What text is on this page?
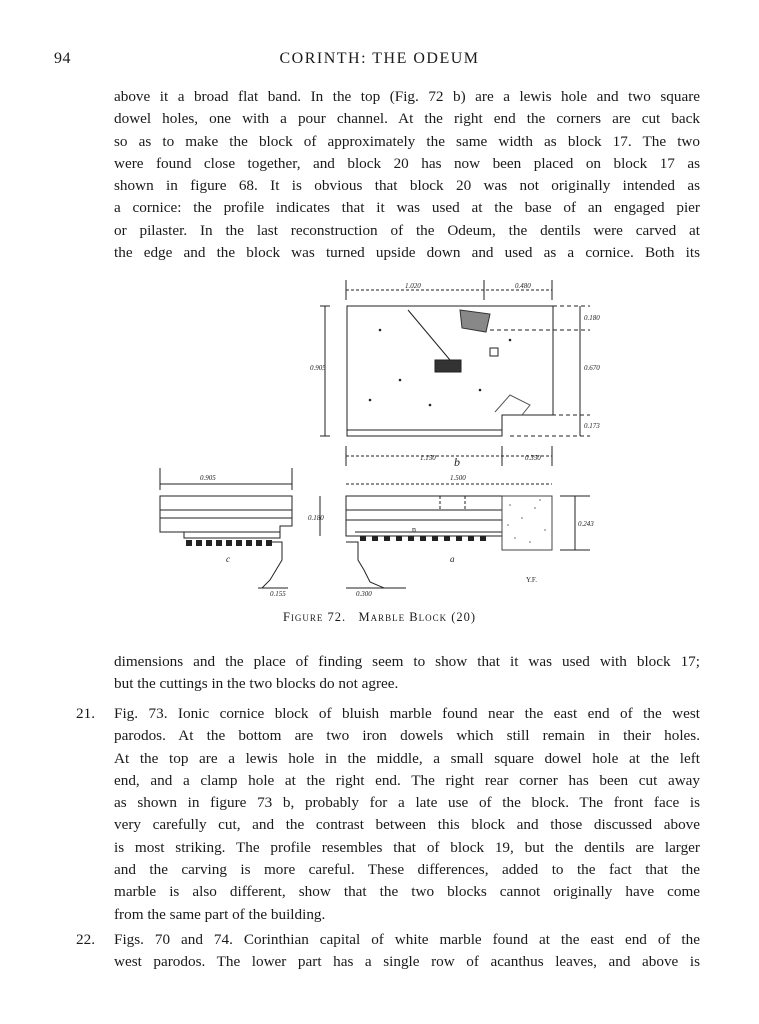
94	CORINTH: THE ODEUM
above it a broad flat band. In the top (Fig. 72 b) are a lewis hole and two square
dowel holes, one with a pour channel. At the right end the corners are cut back
so as to make the block of approximately the same width as block 17. The two
were found close together, and block 20 has now been placed on block 17 as
shown in figure 68. It is obvious that block 20 was not originally intended as
a cornice: the profile indicates that it was used at the base of an engaged pier
or pilaster. In the last reconstruction of the Odeum, the dentils were carved at
the edge and the block was turned upside down and used as a cornice. Both its
1.020	0.480
0.180
0.905	0.670
0.173
1.150	0.350
1.500
b
0.905
0.180
0.243
0.155	0.300
c	a
n
Y.F.
Figure 72. Marble Block (20)
dimensions and the place of finding seem to show that it was used with block 17;
but the cuttings in the two blocks do not agree.
21. Fig. 73. Ionic cornice block of bluish marble found near the east end of the west
parodos. At the bottom are two iron dowels which still remain in their holes.
At the top are a lewis hole in the middle, a small square dowel hole at the left
end, and a clamp hole at the right end. The right rear corner has been cut away
as shown in figure 73 b, probably for a late use of the block. The front face is
very carefully cut, and the contrast between this block and those discussed above
is most striking. The profile resembles that of block 19, but the dentils are larger
and the carving is more careful. These differences, added to the fact that the
marble is also different, show that the two blocks cannot originally have come
from the same part of the building.
22. Figs. 70 and 74. Corinthian capital of white marble found at the east end of the
west parodos. The lower part has a single row of acanthus leaves, and above is
